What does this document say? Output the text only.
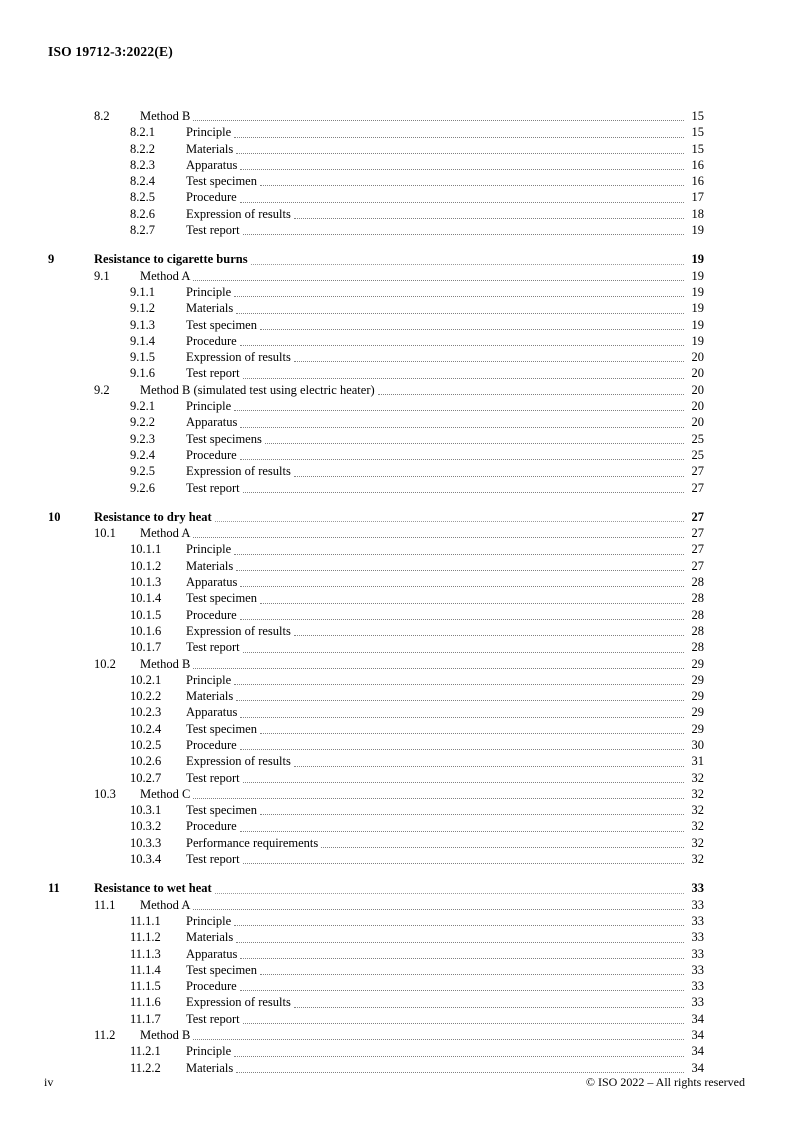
ISO 19712-3:2022(E)
8.2	Method B	15
8.2.1	Principle	15
8.2.2	Materials	15
8.2.3	Apparatus	16
8.2.4	Test specimen	16
8.2.5	Procedure	17
8.2.6	Expression of results	18
8.2.7	Test report	19
9	Resistance to cigarette burns	19
9.1	Method A	19
9.1.1	Principle	19
9.1.2	Materials	19
9.1.3	Test specimen	19
9.1.4	Procedure	19
9.1.5	Expression of results	20
9.1.6	Test report	20
9.2	Method B (simulated test using electric heater)	20
9.2.1	Principle	20
9.2.2	Apparatus	20
9.2.3	Test specimens	25
9.2.4	Procedure	25
9.2.5	Expression of results	27
9.2.6	Test report	27
10	Resistance to dry heat	27
10.1	Method A	27
10.1.1	Principle	27
10.1.2	Materials	27
10.1.3	Apparatus	28
10.1.4	Test specimen	28
10.1.5	Procedure	28
10.1.6	Expression of results	28
10.1.7	Test report	28
10.2	Method B	29
10.2.1	Principle	29
10.2.2	Materials	29
10.2.3	Apparatus	29
10.2.4	Test specimen	29
10.2.5	Procedure	30
10.2.6	Expression of results	31
10.2.7	Test report	32
10.3	Method C	32
10.3.1	Test specimen	32
10.3.2	Procedure	32
10.3.3	Performance requirements	32
10.3.4	Test report	32
11	Resistance to wet heat	33
11.1	Method A	33
11.1.1	Principle	33
11.1.2	Materials	33
11.1.3	Apparatus	33
11.1.4	Test specimen	33
11.1.5	Procedure	33
11.1.6	Expression of results	33
11.1.7	Test report	34
11.2	Method B	34
11.2.1	Principle	34
11.2.2	Materials	34
iv	© ISO 2022 – All rights reserved
